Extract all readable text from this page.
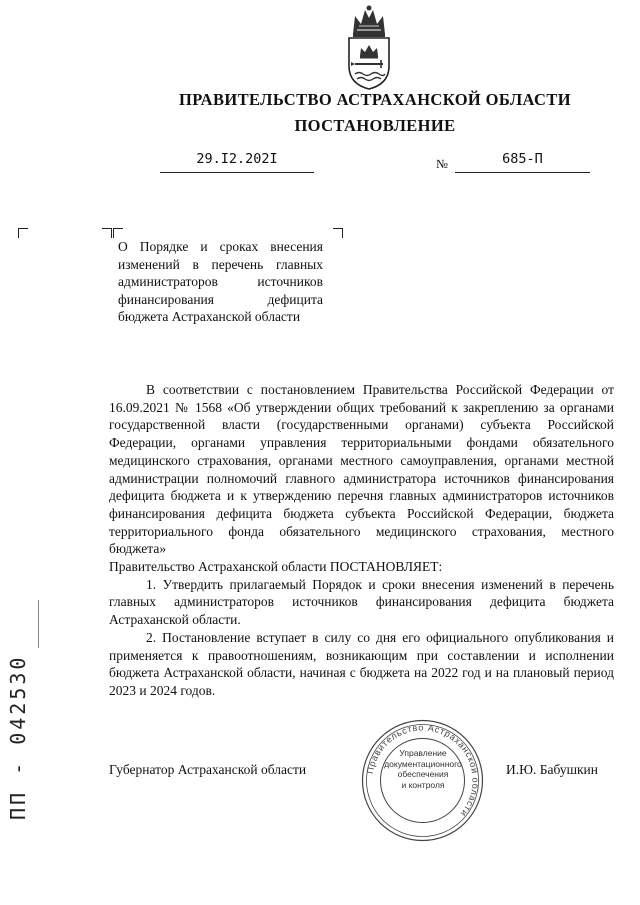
ПРАВИТЕЛЬСТВО АСТРАХАНСКОЙ ОБЛАСТИ
ПОСТАНОВЛЕНИЕ
29.I2.202I	№	685-П
О Порядке и сроках внесения изменений в перечень главных администраторов источников финансирования дефицита бюджета Астраханской области

В соответствии с постановлением Правительства Российской Федерации от 16.09.2021 № 1568 «Об утверждении общих требований к закреплению за органами государственной власти (государственными органами) субъекта Российской Федерации, органами управления территориальными фондами обязательного медицинского страхования, органами местного самоуправления, органами местной администрации полномочий главного администратора источников финансирования дефицита бюджета и к утверждению перечня главных администраторов источников финансирования дефицита бюджета субъекта Российской Федерации, бюджета территориального фонда обязательного медицинского страхования, местного бюджета»

Правительство Астраханской области ПОСТАНОВЛЯЕТ:

1. Утвердить прилагаемый Порядок и сроки внесения изменений в перечень главных администраторов источников финансирования дефицита бюджета Астраханской области.

2. Постановление вступает в силу со дня его официального опубликования и применяется к правоотношениям, возникающим при составлении и исполнении бюджета Астраханской области, начиная с бюджета на 2022 год и на плановый период 2023 и 2024 годов.

Губернатор Астраханской области	И.Ю. Бабушкин
Правительство Астраханской области
Управление
документационного
обеспечения
и контроля
ПП - 042530
